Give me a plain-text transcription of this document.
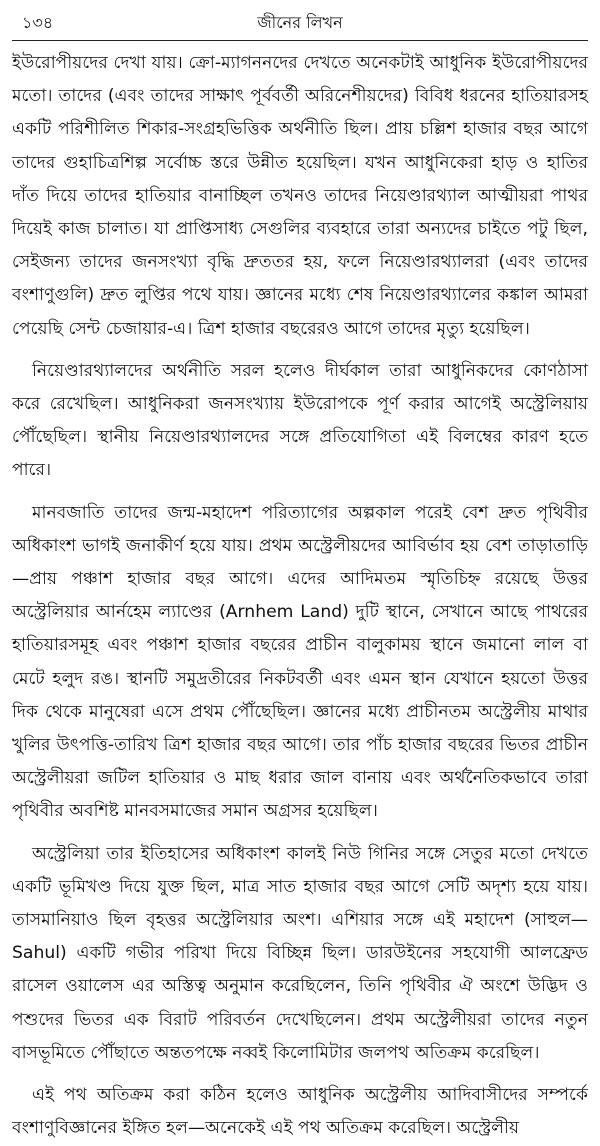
১৩৪	জীনের লিখন

ইউরোপীয়দের দেখা যায়। ক্রো-ম্যাগননদের দেখতে অনেকটাই আধুনিক ইউরোপীয়দের মতো। তাদের (এবং তাদের সাক্ষাৎ পূর্ববর্তী অরিনেশীয়দের) বিবিধ ধরনের হাতিয়ারসহ একটি পরিশীলিত শিকার-সংগ্রহভিত্তিক অর্থনীতি ছিল। প্রায় চল্লিশ হাজার বছর আগে তাদের গুহাচিত্রশিল্প সর্বোচ্চ স্তরে উন্নীত হয়েছিল। যখন আধুনিকেরা হাড় ও হাতির দাঁত দিয়ে তাদের হাতিয়ার বানাচ্ছিল তখনও তাদের নিয়েণ্ডারথ্যাল আত্মীয়রা পাথর দিয়েই কাজ চালাত। যা প্রাপ্তিসাধ্য সেগুলির ব্যবহারে তারা অন্যদের চাইতে পটু ছিল, সেইজন্য তাদের জনসংখ্যা বৃদ্ধি দ্রুততর হয়, ফলে নিয়েণ্ডারথ্যালরা (এবং তাদের বংশাণুগুলি) দ্রুত লুপ্তির পথে যায়। জ্ঞানের মধ্যে শেষ নিয়েণ্ডারথ্যালের কঙ্কাল আমরা পেয়েছি সেন্ট চেজায়ার-এ। ত্রিশ হাজার বছরেরও আগে তাদের মৃত্যু হয়েছিল।

নিয়েণ্ডারথ্যালদের অর্থনীতি সরল হলেও দীর্ঘকাল তারা আধুনিকদের কোণঠাসা করে রেখেছিল। আধুনিকরা জনসংখ্যায় ইউরোপকে পূর্ণ করার আগেই অস্ট্রেলিয়ায় পৌঁছেছিল। স্থানীয় নিয়েণ্ডারথ্যালদের সঙ্গে প্রতিযোগিতা এই বিলম্বের কারণ হতে পারে।

মানবজাতি তাদের জন্ম-মহাদেশ পরিত্যাগের অল্পকাল পরেই বেশ দ্রুত পৃথিবীর অধিকাংশ ভাগই জনাকীর্ণ হয়ে যায়। প্রথম অস্ট্রেলীয়দের আবির্ভাব হয় বেশ তাড়াতাড়ি—প্রায় পঞ্চাশ হাজার বছর আগে। এদের আদিমতম স্মৃতিচিহ্ন রয়েছে উত্তর অস্ট্রেলিয়ার আর্নহেম ল্যাণ্ডের (Arnhem Land) দুটি স্থানে, সেখানে আছে পাথরের হাতিয়ারসমূহ এবং পঞ্চাশ হাজার বছরের প্রাচীন বালুকাময় স্থানে জমানো লাল বা মেটে হলুদ রঙ। স্থানটি সমুদ্রতীরের নিকটবর্তী এবং এমন স্থান যেখানে হয়তো উত্তর দিক থেকে মানুষেরা এসে প্রথম পৌঁছেছিল। জ্ঞানের মধ্যে প্রাচীনতম অস্ট্রেলীয় মাথার খুলির উৎপত্তি-তারিখ ত্রিশ হাজার বছর আগে। তার পাঁচ হাজার বছরের ভিতর প্রাচীন অস্ট্রেলীয়রা জটিল হাতিয়ার ও মাছ ধরার জাল বানায় এবং অর্থনৈতিকভাবে তারা পৃথিবীর অবশিষ্ট মানবসমাজের সমান অগ্রসর হয়েছিল।

অস্ট্রেলিয়া তার ইতিহাসের অধিকাংশ কালই নিউ গিনির সঙ্গে সেতুর মতো দেখতে একটি ভূমিখণ্ড দিয়ে যুক্ত ছিল, মাত্র সাত হাজার বছর আগে সেটি অদৃশ্য হয়ে যায়। তাসমানিয়াও ছিল বৃহত্তর অস্ট্রেলিয়ার অংশ। এশিয়ার সঙ্গে এই মহাদেশ (সাহুল—Sahul) একটি গভীর পরিখা দিয়ে বিচ্ছিন্ন ছিল। ডারউইনের সহযোগী আলফ্রেড রাসেল ওয়ালেস এর অস্তিত্ব অনুমান করেছিলেন, তিনি পৃথিবীর ঐ অংশে উদ্ভিদ ও পশুদের ভিতর এক বিরাট পরিবর্তন দেখেছিলেন। প্রথম অস্ট্রেলীয়রা তাদের নতুন বাসভূমিতে পৌঁছাতে অন্ততপক্ষে নব্বই কিলোমিটার জলপথ অতিক্রম করেছিল।

এই পথ অতিক্রম করা কঠিন হলেও আধুনিক অস্ট্রেলীয় আদিবাসীদের সম্পর্কে বংশাণুবিজ্ঞানের ইঙ্গিত হল—অনেকেই এই পথ অতিক্রম করেছিল। অস্ট্রেলীয়
